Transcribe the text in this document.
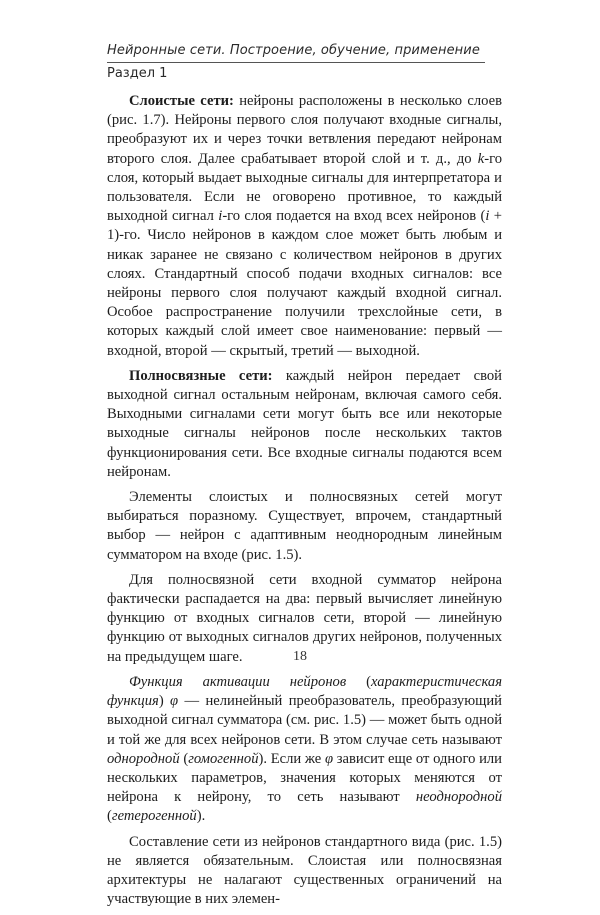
Нейронные сети. Построение, обучение, применение
Раздел 1

Слоистые сети: нейроны расположены в несколько слоев (рис. 1.7). Нейроны первого слоя получают входные сигналы, преобразуют их и через точки ветвления передают нейронам второго слоя. Далее срабатывает второй слой и т. д., до k-го слоя, который выдает выходные сигналы для интерпретатора и пользователя. Если не оговорено противное, то каждый выходной сигнал i-го слоя подается на вход всех нейронов (i + 1)-го. Число нейронов в каждом слое может быть любым и никак заранее не связано с количеством нейронов в других слоях. Стандартный способ подачи входных сигналов: все нейроны первого слоя получают каждый входной сигнал. Особое распространение получили трехслойные сети, в которых каждый слой имеет свое наименование: первый — входной, второй — скрытый, третий — выходной.

Полносвязные сети: каждый нейрон передает свой выходной сигнал остальным нейронам, включая самого себя. Выходными сигналами сети могут быть все или некоторые выходные сигналы нейронов после нескольких тактов функционирования сети. Все входные сигналы подаются всем нейронам.

Элементы слоистых и полносвязных сетей могут выбираться поразному. Существует, впрочем, стандартный выбор — нейрон с адаптивным неоднородным линейным сумматором на входе (рис. 1.5).

Для полносвязной сети входной сумматор нейрона фактически распадается на два: первый вычисляет линейную функцию от входных сигналов сети, второй — линейную функцию от выходных сигналов других нейронов, полученных на предыдущем шаге.

Функция активации нейронов (характеристическая функция) φ — нелинейный преобразователь, преобразующий выходной сигнал сумматора (см. рис. 1.5) — может быть одной и той же для всех нейронов сети. В этом случае сеть называют однородной (гомогенной). Если же φ зависит еще от одного или нескольких параметров, значения которых меняются от нейрона к нейрону, то сеть называют неоднородной (гетерогенной).

Составление сети из нейронов стандартного вида (рис. 1.5) не является обязательным. Слоистая или полносвязная архитектуры не налагают существенных ограничений на участвующие в них элемен-

18
